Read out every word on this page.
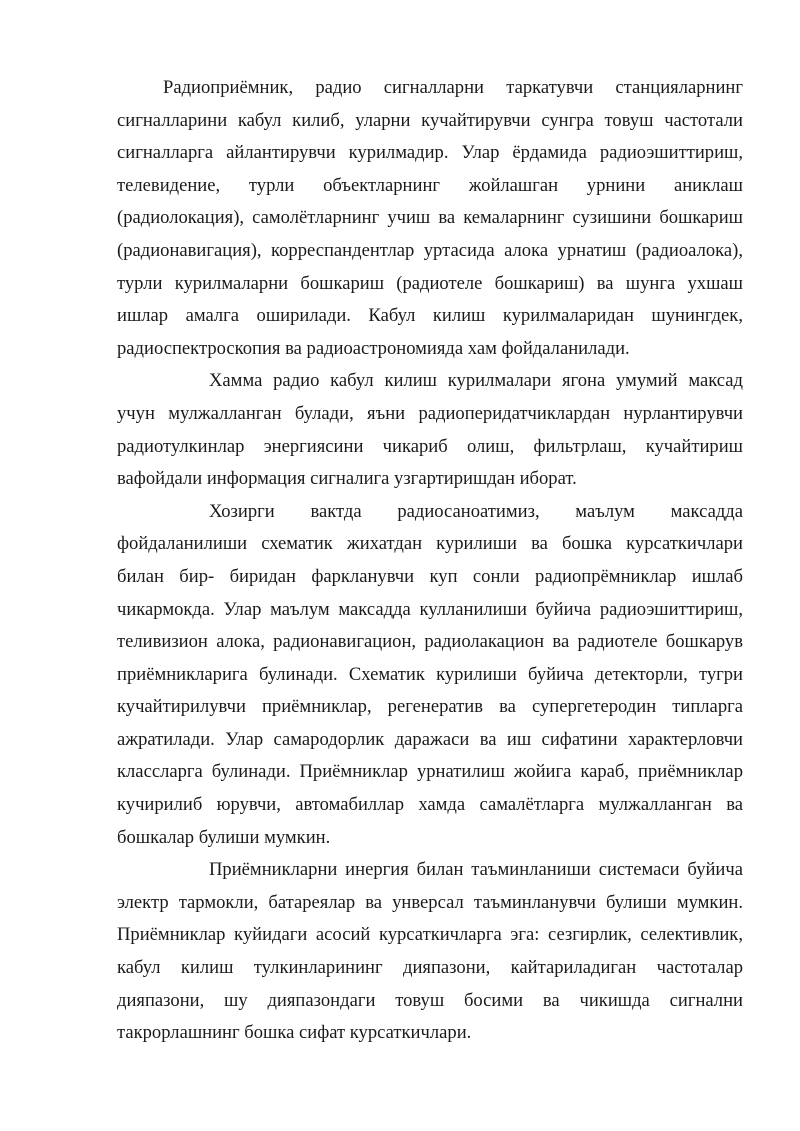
Радиоприёмник, радио сигналларни таркатувчи станцияларнинг
сигналларини кабул килиб, уларни кучайтирувчи сунгра товуш частотали
сигналларга айлантирувчи курилмадир. Улар ёрдамида радиоэшиттириш,
телевидение, турли объектларнинг жойлашган урнини аниклаш
(радиолокация), самолётларнинг учиш ва кемаларнинг сузишини бошкариш
(радионавигация), корреспандентлар уртасида алока урнатиш (радиоалока),
турли курилмаларни бошкариш (радиотеле бошкариш) ва шунга ухшаш
ишлар амалга оширилади. Кабул килиш курилмаларидан шунингдек,
радиоспектроскопия ва радиоастрономияда хам фойдаланилади.
Хамма радио кабул килиш курилмалари ягона умумий максад
учун мулжалланган булади, яъни радиоперидатчиклардан нурлантирувчи
радиотулкинлар энергиясини чикариб олиш, фильтрлаш, кучайтириш
вафойдали информация сигналига узгартиришдан иборат.
Хозирги вактда радиосаноатимиз, маълум максадда
фойдаланилиши схематик жихатдан курилиши ва бошка курсаткичлари
билан бир- биридан фаркланувчи куп сонли радиопрёмниклар ишлаб
чикармокда. Улар маълум максадда кулланилиши буйича радиоэшиттириш,
теливизион алока, радионавигацион, радиолакацион ва радиотеле бошкарув
приёмникларига булинади. Схематик курилиши буйича детекторли, тугри
кучайтирилувчи приёмниклар, регенератив ва супергетеродин типларга
ажратилади. Улар самародорлик даражаси ва иш сифатини характерловчи
классларга булинади. Приёмниклар урнатилиш жойига караб, приёмниклар
кучирилиб юрувчи, автомабиллар хамда самалётларга мулжалланган ва
бошкалар булиши мумкин.
Приёмникларни инергия билан таъминланиши системаси буйича
электр тармокли, батареялар ва унверсал таъминланувчи булиши мумкин.
Приёмниклар куйидаги асосий курсаткичларга эга: сезгирлик, селективлик,
кабул килиш тулкинларининг дияпазони, кайтариладиган частоталар
дияпазони, шу дияпазондаги товуш босими ва чикишда сигнални
такрорлашнинг бошка сифат курсаткичлари.
